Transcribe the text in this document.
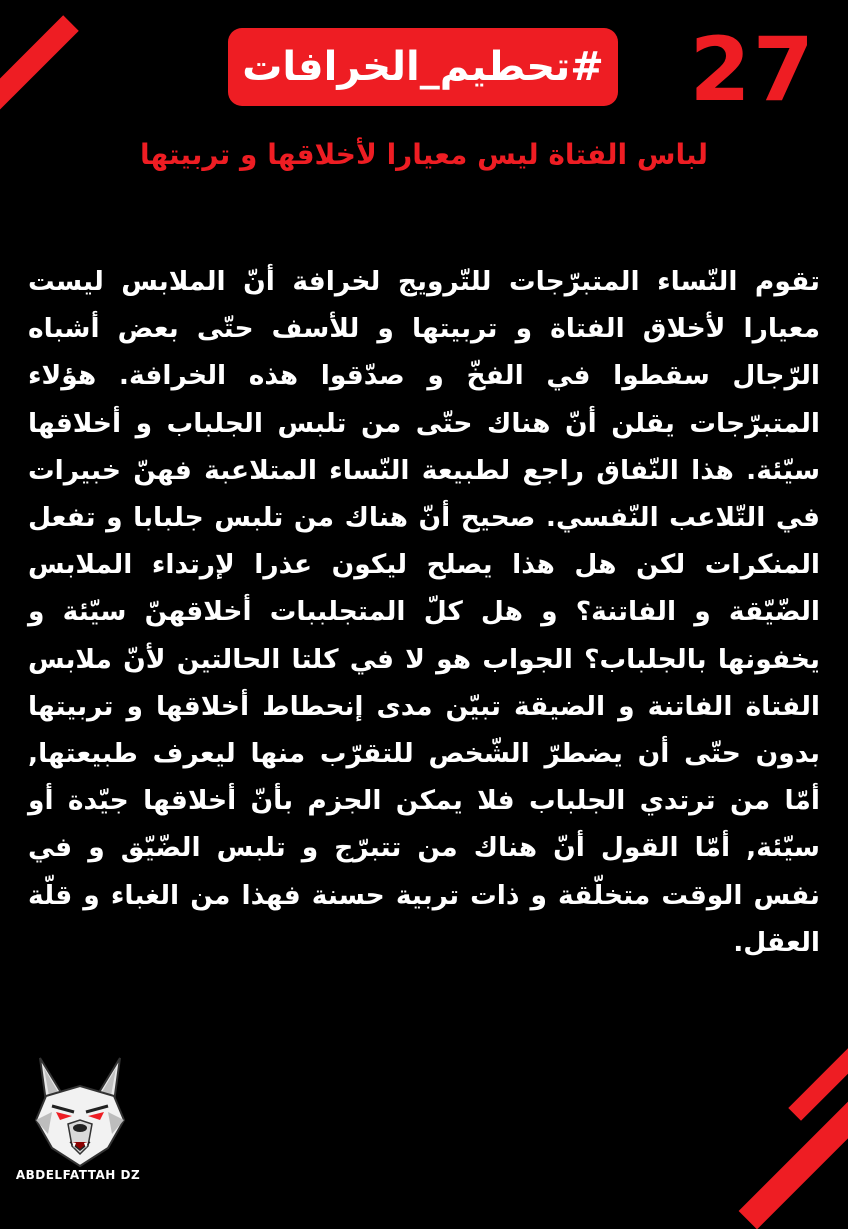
#تحطيم_الخرافات 27
لباس الفتاة ليس معيارا لأخلاقها و تربيتها

تقوم النّساء المتبرّجات للتّرويج لخرافة أنّ الملابس ليست معيارا لأخلاق الفتاة و تربيتها و للأسف حتّى بعض أشباه الرّجال سقطوا في الفخّ و صدّقوا هذه الخرافة. هؤلاء المتبرّجات يقلن أنّ هناك حتّى من تلبس الجلباب و أخلاقها سيّئة. هذا النّفاق راجع لطبيعة النّساء المتلاعبة فهنّ خبيرات في التّلاعب النّفسي. صحيح أنّ هناك من تلبس جلبابا و تفعل المنكرات لكن هل هذا يصلح ليكون عذرا لإرتداء الملابس الضّيّقة و الفاتنة؟ و هل كلّ المتجلببات أخلاقهنّ سيّئة و يخفونها بالجلباب؟ الجواب هو لا في كلتا الحالتين لأنّ ملابس الفتاة الفاتنة و الضيقة تبيّن مدى إنحطاط أخلاقها و تربيتها بدون حتّى أن يضطرّ الشّخص للتقرّب منها ليعرف طبيعتها, أمّا من ترتدي الجلباب فلا يمكن الجزم بأنّ أخلاقها جيّدة أو سيّئة, أمّا القول أنّ هناك من تتبرّج و تلبس الضّيّق و في نفس الوقت متخلّقة و ذات تربية حسنة فهذا من الغباء و قلّة العقل.

ABDELFATTAH DZ
